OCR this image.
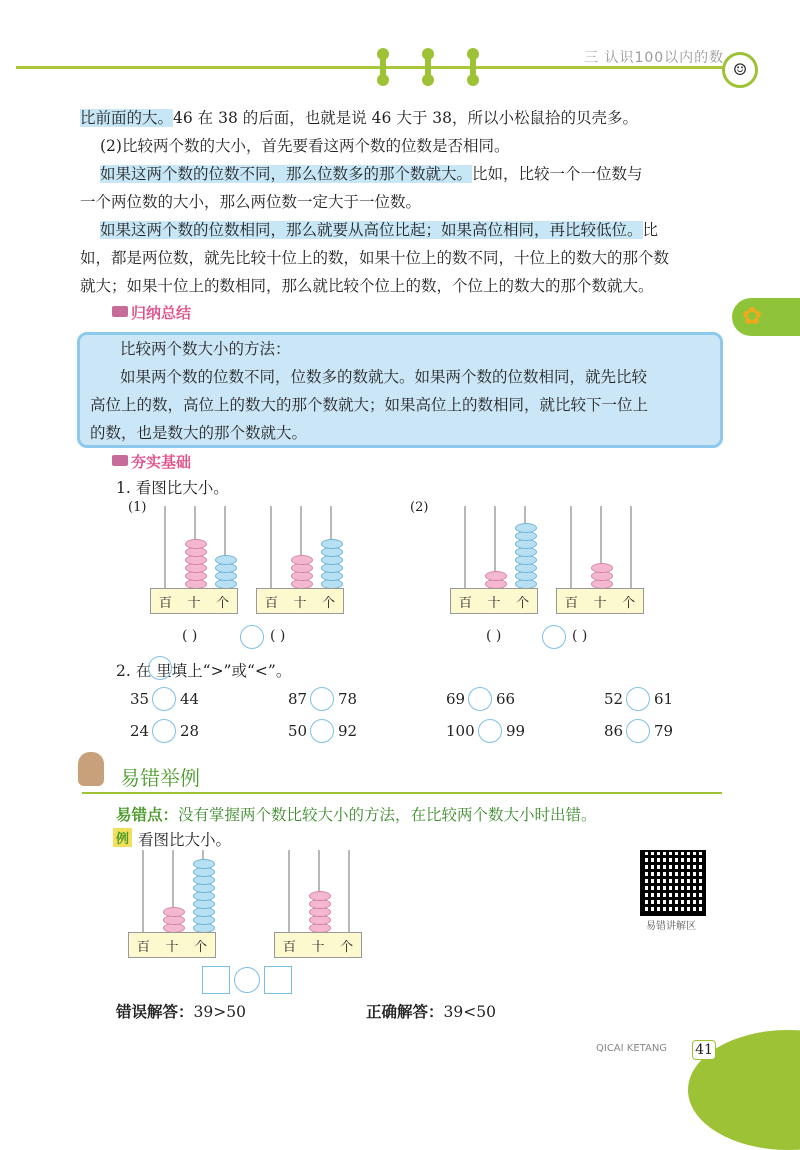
三 认识100以内的数
☺
比前面的大。46 在 38 的后面，也就是说 46 大于 38，所以小松鼠拾的贝壳多。
(2)比较两个数的大小，首先要看这两个数的位数是否相同。
如果这两个数的位数不同，那么位数多的那个数就大。比如，比较一个一位数与
一个两位数的大小，那么两位数一定大于一位数。
如果这两个数的位数相同，那么就要从高位比起；如果高位相同，再比较低位。比
如，都是两位数，就先比较十位上的数，如果十位上的数不同，十位上的数大的那个数
就大；如果十位上的数相同，那么就比较个位上的数，个位上的数大的那个数就大。
✿
归纳总结

比较两个数大小的方法：

如果两个数的位数不同，位数多的数就大。如果两个数的位数相同，就先比较

高位上的数，高位上的数大的那个数就大；如果高位上的数相同，就比较下一位上

的数，也是数大的那个数就大。

夯实基础
1. 看图比大小。
(1)	(2)
百 十 个	百 十 个	百 十 个	百 十 个
百 十 个	百 十 个
( )	( )	( )	( )
2. 在 里填上“>”或“<”。
35 44	87 78	69 66	52 61
24 28	50 92	100 99	86 79
易错举例
易错点：没有掌握两个数比较大小的方法，在比较两个数大小时出错。
例 看图比大小。
易错讲解区
错误解答：39>50	正确解答：39<50
QICAI KETANG 41
